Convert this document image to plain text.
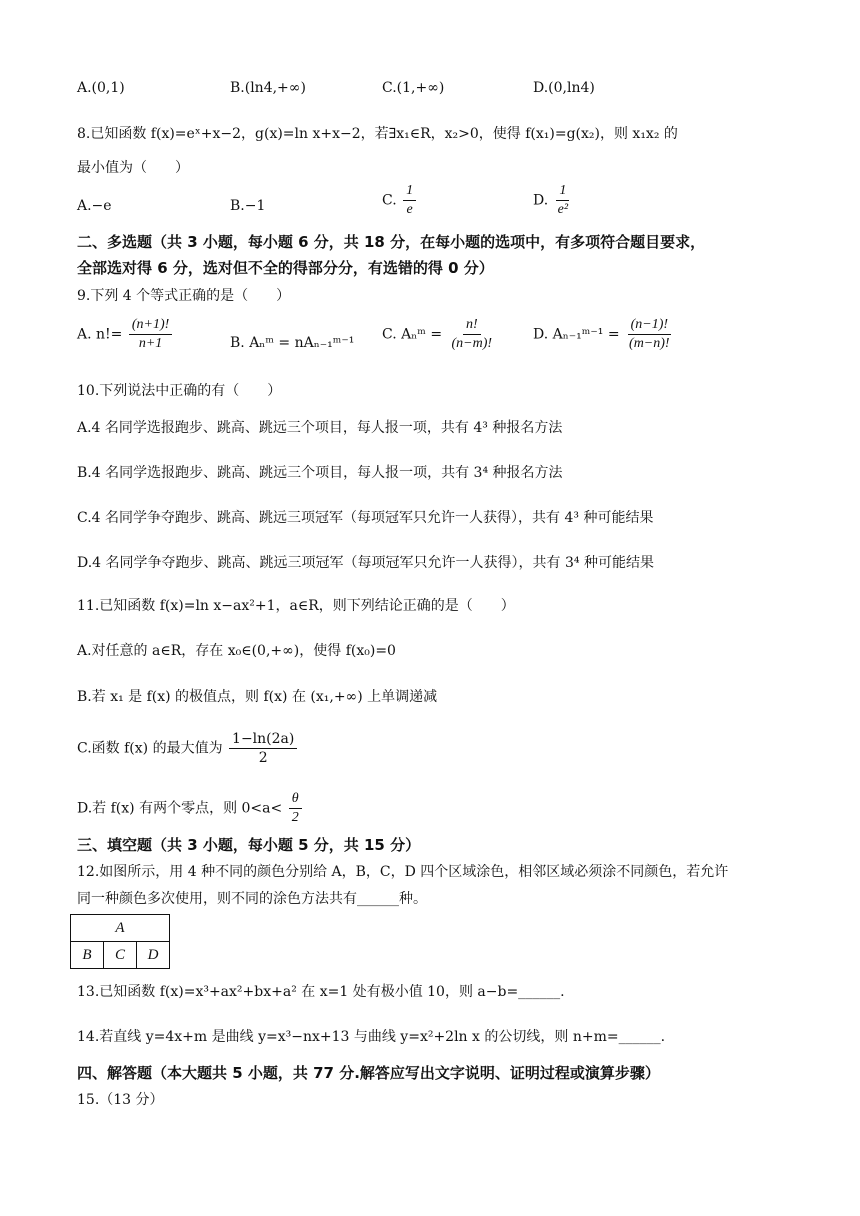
A.(0,1)	B.(ln4,+∞)	C.(1,+∞)	D.(0,ln4)
8.已知函数 f(x)=eˣ+x−2，g(x)=ln x+x−2，若∃x₁∈R，x₂>0，使得 f(x₁)=g(x₂)，则 x₁x₂ 的
最小值为（　　）
A.−e	B.−1	C. $\frac{1}{e}$	D. $\frac{1}{\text{e²}}$
二、多选题（共 3 小题，每小题 6 分，共 18 分，在每小题的选项中，有多项符合题目要求，
全部选对得 6 分，选对但不全的得部分分，有选错的得 0 分）
9.下列 4 个等式正确的是（　　）
A. $n!= \frac{(n+1)!}{n+1}$	B. Aₙᵐ = nAₙ₋₁ᵐ⁻¹
C. Aₙᵐ = $\frac{n!}{(n-m)!}$	D. Aₙ₋₁ᵐ⁻¹ = $\frac{(n-1)!}{(m-n)!}$
10.下列说法中正确的有（　　）
A.4 名同学选报跑步、跳高、跳远三个项目，每人报一项，共有 4³ 种报名方法
B.4 名同学选报跑步、跳高、跳远三个项目，每人报一项，共有 3⁴ 种报名方法
C.4 名同学争夺跑步、跳高、跳远三项冠军（每项冠军只允许一人获得），共有 4³ 种可能结果
D.4 名同学争夺跑步、跳高、跳远三项冠军（每项冠军只允许一人获得），共有 3⁴ 种可能结果
11.已知函数 f(x)=ln x−ax²+1，a∈R，则下列结论正确的是（　　）
A.对任意的 a∈R，存在 x₀∈(0,+∞)，使得 f(x₀)=0
B.若 x₁ 是 f(x) 的极值点，则 f(x) 在 (x₁,+∞) 上单调递减
C.函数 f(x) 的最大值为 $\frac{1-\ln(2a)}{2}$
D.若 f(x) 有两个零点，则 $0<a< \frac{\theta}{2}$
三、填空题（共 3 小题，每小题 5 分，共 15 分）
12.如图所示，用 4 种不同的颜色分别给 A，B，C，D 四个区域涂色，相邻区域必须涂不同颜色，若允许
同一种颜色多次使用，则不同的涂色方法共有______种。
A
B	C	D
13.已知函数 f(x)=x³+ax²+bx+a² 在 x=1 处有极小值 10，则 a−b=______.
14.若直线 y=4x+m 是曲线 y=x³−nx+13 与曲线 y=x²+2ln x 的公切线，则 n+m=______.
四、解答题（本大题共 5 小题，共 77 分.解答应写出文字说明、证明过程或演算步骤）
15.（13 分）
